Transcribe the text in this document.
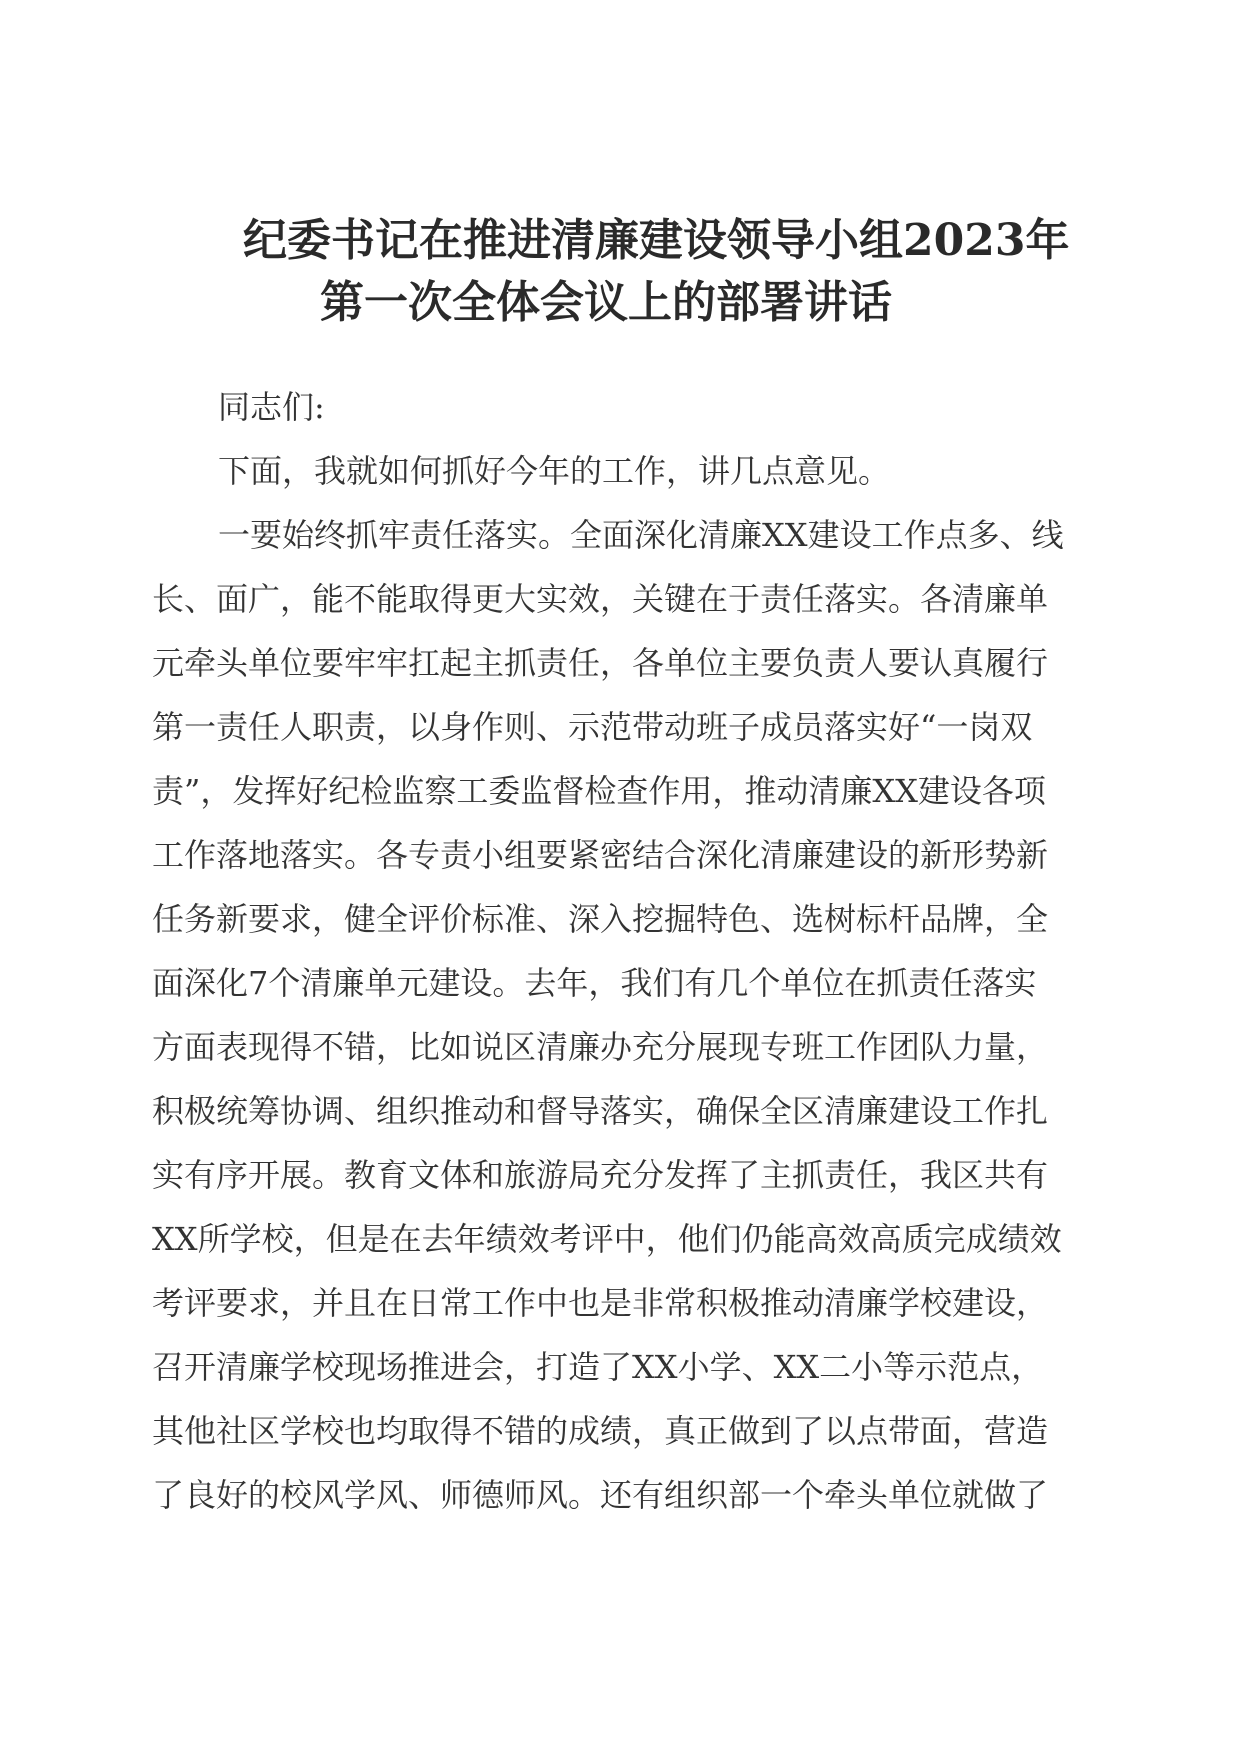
纪委书记在推进清廉建设领导小组2023年
第一次全体会议上的部署讲话
同志们:
下面，我就如何抓好今年的工作，讲几点意见。
一要始终抓牢责任落实。全面深化清廉XX建设工作点多、线
长、面广，能不能取得更大实效，关键在于责任落实。各清廉单
元牵头单位要牢牢扛起主抓责任，各单位主要负责人要认真履行
第一责任人职责，以身作则、示范带动班子成员落实好“一岗双
责”，发挥好纪检监察工委监督检查作用，推动清廉XX建设各项
工作落地落实。各专责小组要紧密结合深化清廉建设的新形势新
任务新要求，健全评价标准、深入挖掘特色、选树标杆品牌，全
面深化7个清廉单元建设。去年，我们有几个单位在抓责任落实
方面表现得不错，比如说区清廉办充分展现专班工作团队力量，
积极统筹协调、组织推动和督导落实，确保全区清廉建设工作扎
实有序开展。教育文体和旅游局充分发挥了主抓责任，我区共有
XX所学校，但是在去年绩效考评中，他们仍能高效高质完成绩效
考评要求，并且在日常工作中也是非常积极推动清廉学校建设，
召开清廉学校现场推进会，打造了XX小学、XX二小等示范点，
其他社区学校也均取得不错的成绩，真正做到了以点带面，营造
了良好的校风学风、师德师风。还有组织部一个牵头单位就做了
